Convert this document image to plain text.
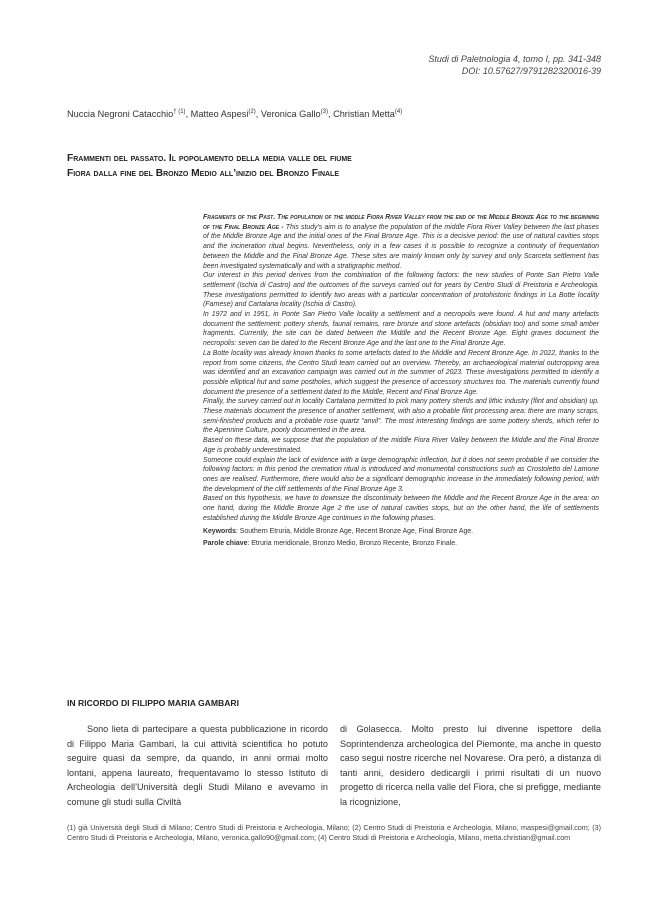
Studi di Paletnologia 4, tomo I, pp. 341-348
DOI: 10.57627/9791282320016-39
Nuccia Negroni Catacchio$^{\dagger (1)}$, Matteo Aspesi$^{(2)}$, Veronica Gallo$^{(3)}$, Christian Metta$^{(4)}$
Frammenti del passato. Il popolamento della media valle del fiume
Fiora dalla fine del Bronzo Medio all’inizio del Bronzo Finale

Fragments of the Past. The population of the middle Fiora River Valley from the end of the Middle Bronze Age to the beginning of the Final Bronze Age - This study's aim is to analyse the population of the middle Fiora River Valley between the last phases of the Middle Bronze Age and the initial ones of the Final Bronze Age. This is a decisive period: the use of natural cavities stops and the incineration ritual begins. Nevertheless, only in a few cases it is possible to recognize a continuity of frequentation between the Middle and the Final Bronze Age. These sites are mainly known only by survey and only Scarceta settlement has been investigated systematically and with a stratigraphic method.

Our interest in this period derives from the combination of the following factors: the new studies of Ponte San Pietro Valle settlement (Ischia di Castro) and the outcomes of the surveys carried out for years by Centro Studi di Preistoria e Archeologia. These investigations permitted to identify two areas with a particular concentration of protohistoric findings in La Botte locality (Farnese) and Cartalana locality (Ischia di Castro).

In 1972 and in 1951, in Ponte San Pietro Valle locality a settlement and a necropolis were found. A hut and many artefacts document the settlement: pottery sherds, faunal remains, rare bronze and stone artefacts (obsidian too) and some small amber fragments. Currently, the site can be dated between the Middle and the Recent Bronze Age. Eight graves document the necropolis: seven can be dated to the Recent Bronze Age and the last one to the Final Bronze Age.

La Botte locality was already known thanks to some artefacts dated to the Middle and Recent Bronze Age. In 2022, thanks to the report from some citizens, the Centro Studi team carried out an overview. Thereby, an archaeological material outcropping area was identified and an excavation campaign was carried out in the summer of 2023. These investigations permitted to identify a possible elliptical hut and some postholes, which suggest the presence of accessory structures too. The materials currently found document the presence of a settlement dated to the Middle, Recent and Final Bronze Age.

Finally, the survey carried out in locality Cartalana permitted to pick many pottery sherds and lithic industry (flint and obsidian) up. These materials document the presence of another settlement, with also a probable flint processing area: there are many scraps, semi-finished products and a probable rose quartz “anvil”. The most interesting findings are some pottery sherds, which refer to the Apennine Culture, poorly documented in the area.

Based on these data, we suppose that the population of the middle Fiora River Valley between the Middle and the Final Bronze Age is probably underestimated.

Someone could explain the lack of evidence with a large demographic inflection, but it does not seem probable if we consider the following factors: in this period the cremation ritual is introduced and monumental constructions such as Crostoletto del Lamone ones are realised. Furthermore, there would also be a significant demographic increase in the immediately following period, with the development of the cliff settlements of the Final Bronze Age 3.

Based on this hypothesis, we have to downsize the discontinuity between the Middle and the Recent Bronze Age in the area: on one hand, during the Middle Bronze Age 2 the use of natural cavities stops, but on the other hand, the life of settlements established during the Middle Bronze Age continues in the following phases.

Keywords: Southern Etruria, Middle Bronze Age, Recent Bronze Age, Final Bronze Age.

Parole chiave: Etruria meridionale, Bronzo Medio, Bronzo Recente, Bronzo Finale.

IN RICORDO DI FILIPPO MARIA GAMBARI

Sono lieta di partecipare a questa pubblicazione in ricordo di Filippo Maria Gambari, la cui attività scientifica ho potuto seguire quasi da sempre, da quando, in anni ormai molto lontani, appena laureato, frequentavamo lo stesso Istituto di Archeologia dell’Università degli Studi Milano e avevamo in comune gli studi sulla Civiltà

di Golasecca. Molto presto lui divenne ispettore della Soprintendenza archeologica del Piemonte, ma anche in questo caso segui nostre ricerche nel Novarese. Ora però, a distanza di tanti anni, desidero dedicargli i primi risultati di un nuovo progetto di ricerca nella valle del Fiora, che si prefigge, mediante la ricognizione,

(1) già Università degli Studi di Milano; Centro Studi di Preistoria e Archeologia, Milano; (2) Centro Studi di Preistoria e Archeologia, Milano, maspesi@gmail.com; (3) Centro Studi di Preistoria e Archeologia, Milano, veronica.gallo90@gmail.com; (4) Centro Studi di Preistoria e Archeologia, Milano, metta.christian@gmail.com
